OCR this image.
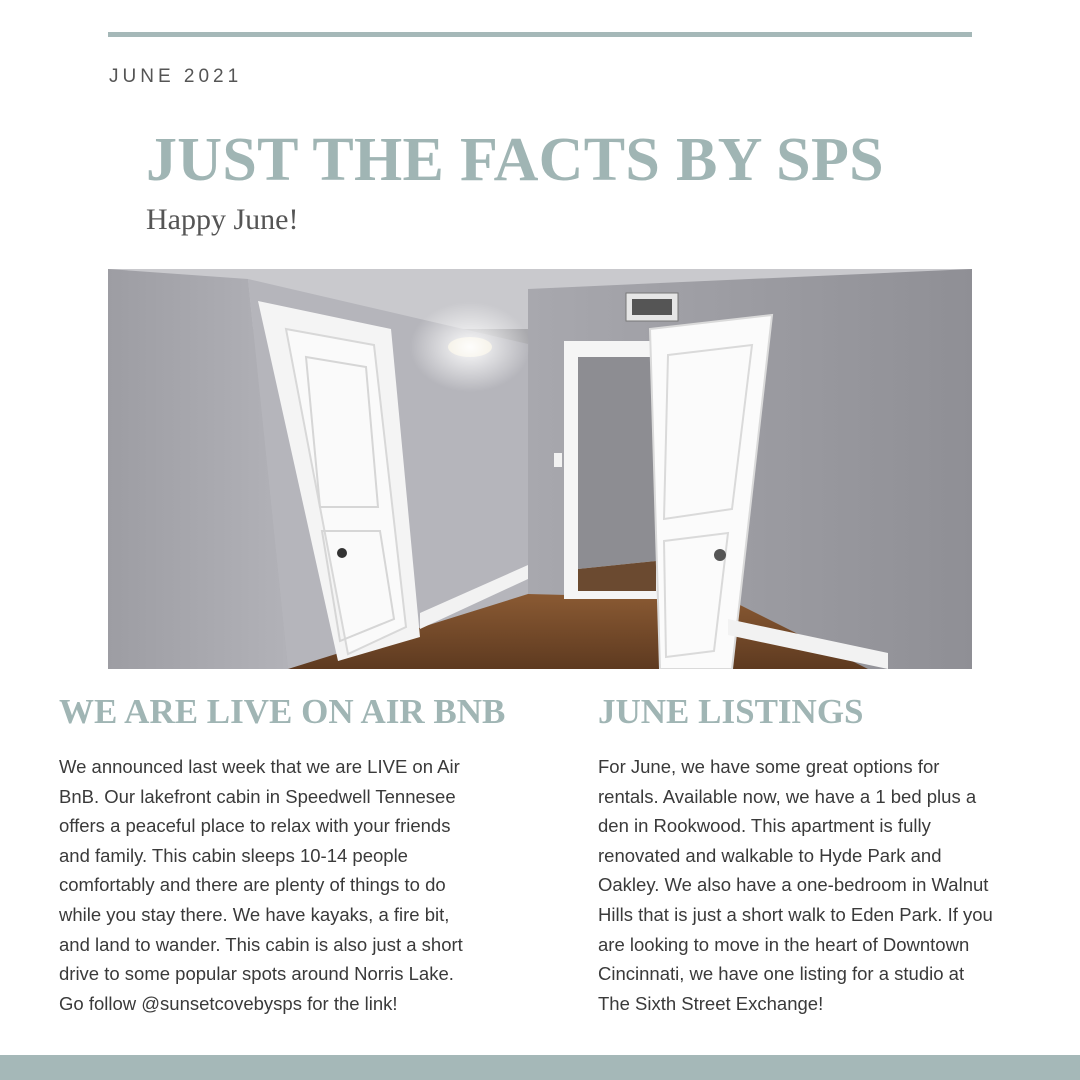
JUNE 2021
JUST THE FACTS BY SPS
Happy June!
WE ARE LIVE ON AIR BNB
We announced last week that we are LIVE on Air
BnB. Our lakefront cabin in Speedwell Tennesee
offers a peaceful place to relax with your friends
and family. This cabin sleeps 10-14 people
comfortably and there are plenty of things to do
while you stay there. We have kayaks, a fire bit,
and land to wander. This cabin is also just a short
drive to some popular spots around Norris Lake.
Go follow @sunsetcovebysps for the link!
JUNE LISTINGS
For June, we have some great options for
rentals. Available now, we have a 1 bed plus a
den in Rookwood. This apartment is fully
renovated and walkable to Hyde Park and
Oakley. We also have a one-bedroom in Walnut
Hills that is just a short walk to Eden Park. If you
are looking to move in the heart of Downtown
Cincinnati, we have one listing for a studio at
The Sixth Street Exchange!
